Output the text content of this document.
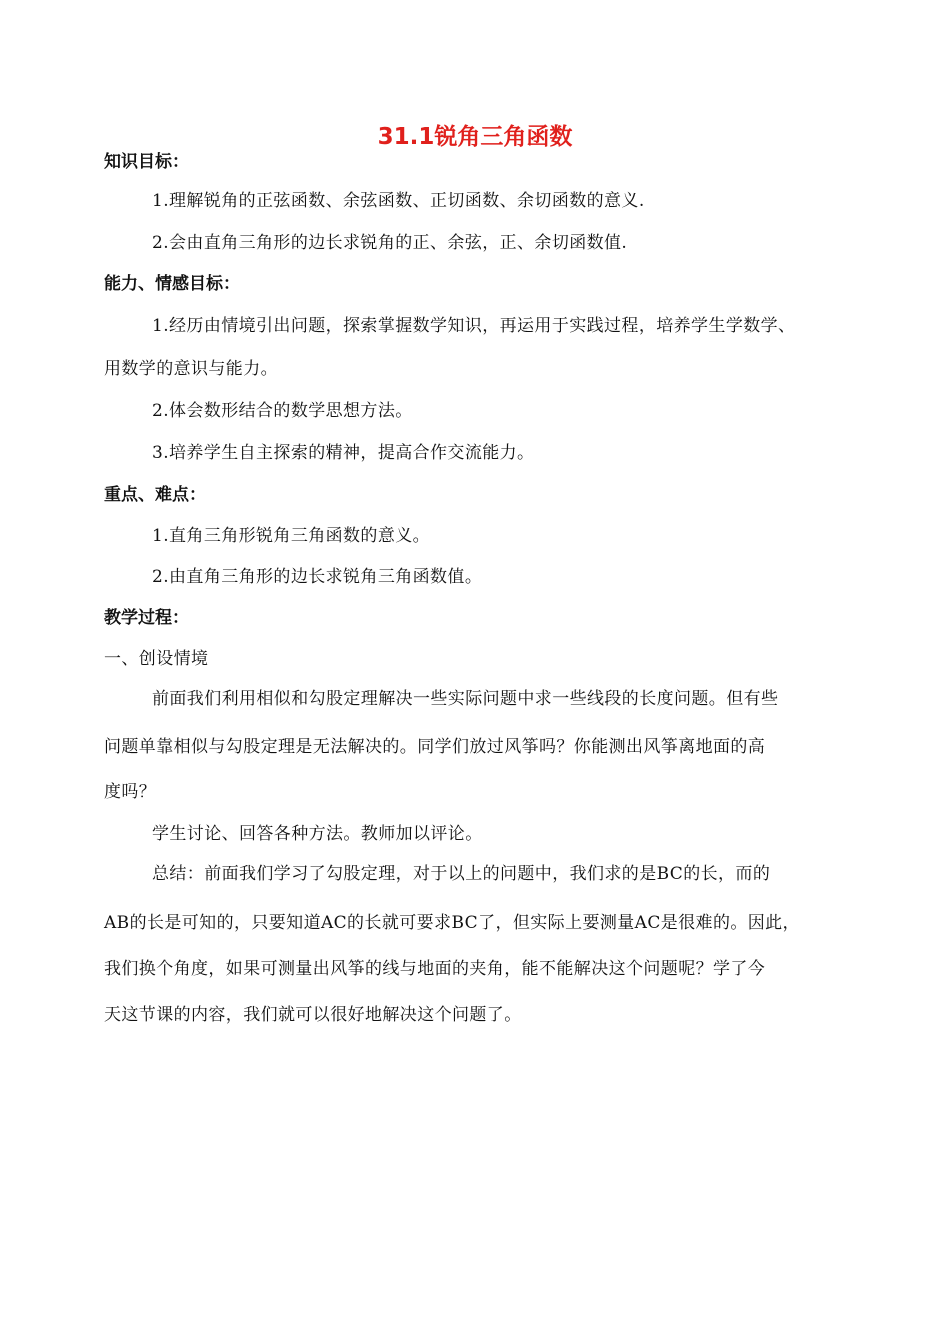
31.1锐角三角函数

知识目标：

1.理解锐角的正弦函数、余弦函数、正切函数、余切函数的意义.

2.会由直角三角形的边长求锐角的正、余弦，正、余切函数值.

能力、情感目标：

1.经历由情境引出问题，探索掌握数学知识，再运用于实践过程，培养学生学数学、

用数学的意识与能力。

2.体会数形结合的数学思想方法。

3.培养学生自主探索的精神，提高合作交流能力。

重点、难点：

1.直角三角形锐角三角函数的意义。

2.由直角三角形的边长求锐角三角函数值。

教学过程：

一、创设情境

前面我们利用相似和勾股定理解决一些实际问题中求一些线段的长度问题。但有些

问题单靠相似与勾股定理是无法解决的。同学们放过风筝吗？你能测出风筝离地面的高

度吗？

学生讨论、回答各种方法。教师加以评论。

总结：前面我们学习了勾股定理，对于以上的问题中，我们求的是BC的长，而的

AB的长是可知的，只要知道AC的长就可要求BC了，但实际上要测量AC是很难的。因此，

我们换个角度，如果可测量出风筝的线与地面的夹角，能不能解决这个问题呢？学了今

天这节课的内容，我们就可以很好地解决这个问题了。
